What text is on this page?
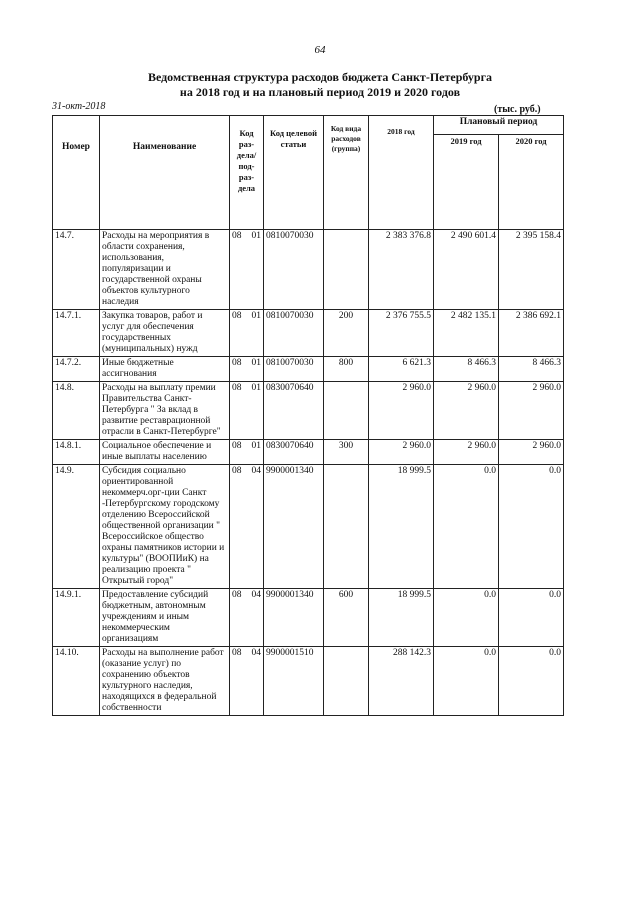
64
Ведомственная структура расходов бюджета Санкт-Петербурга
на 2018 год и на плановый период 2019 и 2020 годов
31-окт-2018	(тыс. руб.)
Номер	Наименование	Код раз-дела/ под-раз-дела	Код целевой статьи	Код вида расходов (группа)	2018 год	Плановый период	
						2019 год	2020 год
14.7.	Расходы на мероприятия в области сохранения, использования, популяризации и государственной охраны объектов культурного наследия	08 01	0810070030		2 383 376.8	2 490 601.4	2 395 158.4
14.7.1.	Закупка товаров, работ и услуг для обеспечения государственных (муниципальных) нужд	08 01	0810070030	200	2 376 755.5	2 482 135.1	2 386 692.1
14.7.2.	Иные бюджетные ассигнования	08 01	0810070030	800	6 621.3	8 466.3	8 466.3
14.8.	Расходы на выплату премии Правительства Санкт-Петербурга " За вклад в развитие реставрационной отрасли в Санкт-Петербурге"	08 01	0830070640		2 960.0	2 960.0	2 960.0
14.8.1.	Социальное обеспечение и иные выплаты населению	08 01	0830070640	300	2 960.0	2 960.0	2 960.0
14.9.	Субсидия социально ориентированной некоммерч.орг-ции Санкт -Петербургскому городскому отделению Всероссийской общественной организации " Всероссийское общество охраны памятников истории и культуры" (ВООПИиК) на реализацию проекта " Открытый город"	08 04	9900001340		18 999.5	0.0	0.0
14.9.1.	Предоставление субсидий бюджетным, автономным учреждениям и иным некоммерческим организациям	08 04	9900001340	600	18 999.5	0.0	0.0
14.10.	Расходы на выполнение работ (оказание услуг) по сохранению объектов культурного наследия, находящихся в федеральной собственности	08 04	9900001510		288 142.3	0.0	0.0
